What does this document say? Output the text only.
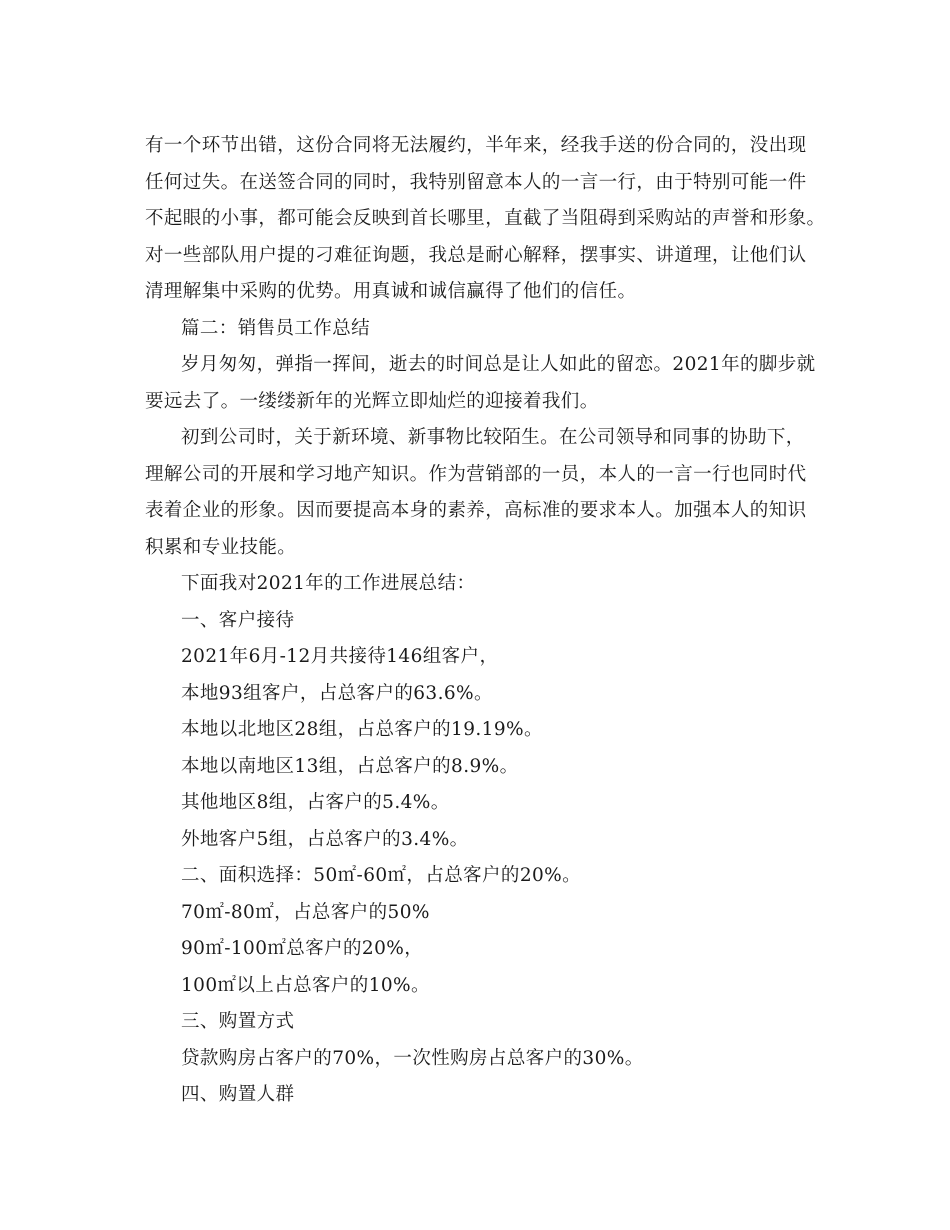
有一个环节出错，这份合同将无法履约，半年来，经我手送的份合同的，没出现
任何过失。在送签合同的同时，我特别留意本人的一言一行，由于特别可能一件
不起眼的小事，都可能会反映到首长哪里，直截了当阻碍到采购站的声誉和形象。
对一些部队用户提的刁难征询题，我总是耐心解释，摆事实、讲道理，让他们认
清理解集中采购的优势。用真诚和诚信赢得了他们的信任。
篇二：销售员工作总结
岁月匆匆，弹指一挥间，逝去的时间总是让人如此的留恋。2021年的脚步就
要远去了。一缕缕新年的光辉立即灿烂的迎接着我们。
初到公司时，关于新环境、新事物比较陌生。在公司领导和同事的协助下，
理解公司的开展和学习地产知识。作为营销部的一员，本人的一言一行也同时代
表着企业的形象。因而要提高本身的素养，高标准的要求本人。加强本人的知识
积累和专业技能。
下面我对2021年的工作进展总结：
一、客户接待
2021年6月-12月共接待146组客户，
本地93组客户，占总客户的63.6%。
本地以北地区28组，占总客户的19.19%。
本地以南地区13组，占总客户的8.9%。
其他地区8组，占客户的5.4%。
外地客户5组，占总客户的3.4%。
二、面积选择：50㎡-60㎡，占总客户的20%。
70㎡-80㎡，占总客户的50%
90㎡-100㎡总客户的20%，
100㎡以上占总客户的10%。
三、购置方式
贷款购房占客户的70%，一次性购房占总客户的30%。
四、购置人群
